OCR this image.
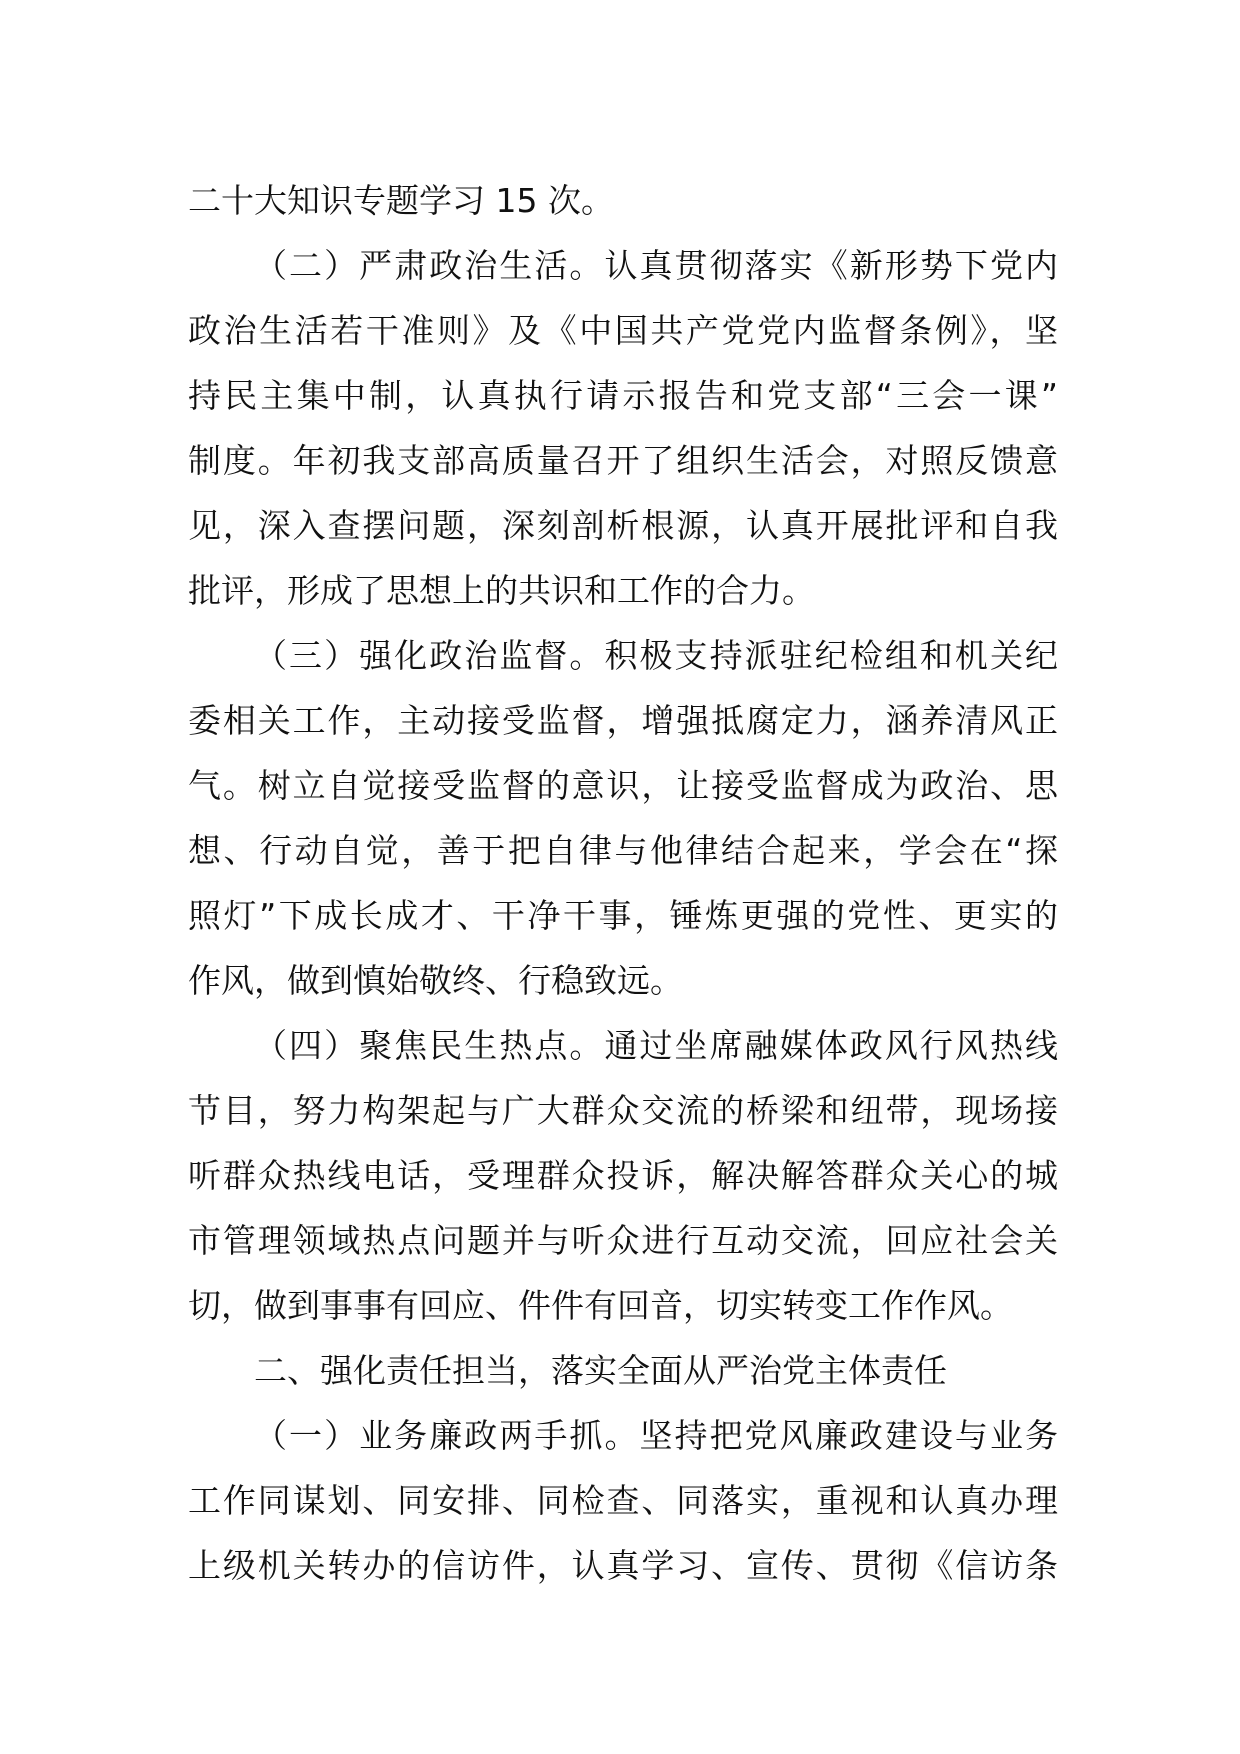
二十大知识专题学习 15 次。
（二）严肃政治生活。认真贯彻落实《新形势下党内
政治生活若干准则》及《中国共产党党内监督条例》，坚
持民主集中制，认真执行请示报告和党支部“三会一课”
制度。年初我支部高质量召开了组织生活会，对照反馈意
见，深入查摆问题，深刻剖析根源，认真开展批评和自我
批评，形成了思想上的共识和工作的合力。
（三）强化政治监督。积极支持派驻纪检组和机关纪
委相关工作，主动接受监督，增强抵腐定力，涵养清风正
气。树立自觉接受监督的意识，让接受监督成为政治、思
想、行动自觉，善于把自律与他律结合起来，学会在“探
照灯”下成长成才、干净干事，锤炼更强的党性、更实的
作风，做到慎始敬终、行稳致远。
（四）聚焦民生热点。通过坐席融媒体政风行风热线
节目，努力构架起与广大群众交流的桥梁和纽带，现场接
听群众热线电话，受理群众投诉，解决解答群众关心的城
市管理领域热点问题并与听众进行互动交流，回应社会关
切，做到事事有回应、件件有回音，切实转变工作作风。
二、强化责任担当，落实全面从严治党主体责任
（一）业务廉政两手抓。坚持把党风廉政建设与业务
工作同谋划、同安排、同检查、同落实，重视和认真办理
上级机关转办的信访件，认真学习、宣传、贯彻《信访条
